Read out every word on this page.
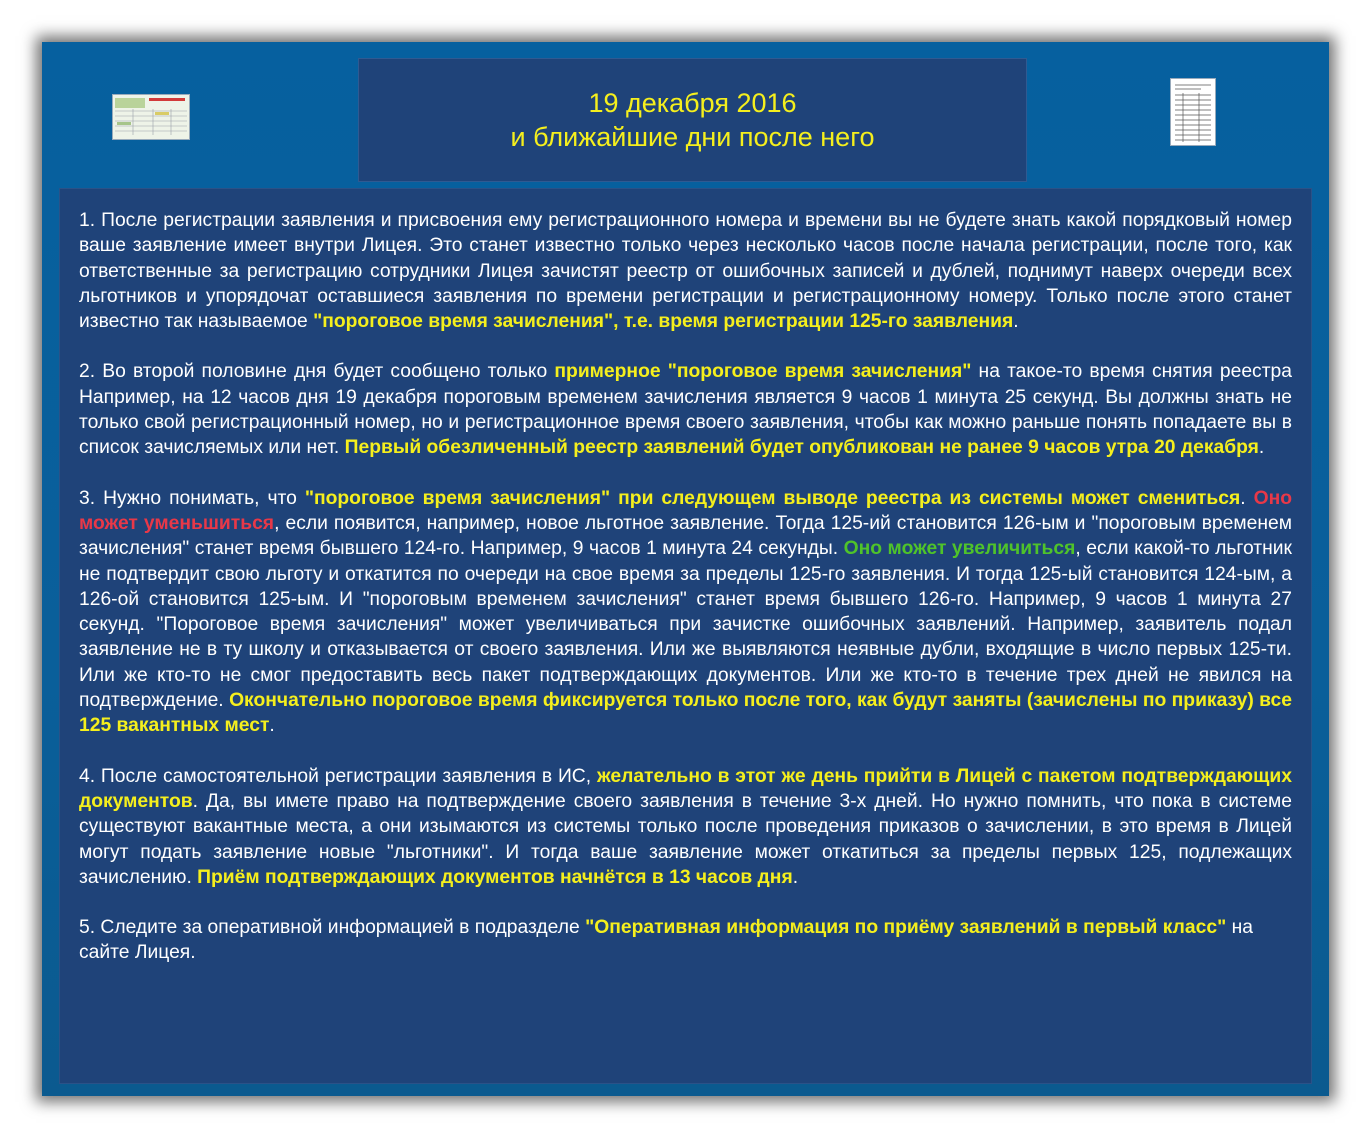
19 декабря 2016
и ближайшие дни после него

1. После регистрации заявления и присвоения ему регистрационного номера и времени вы не будете знать какой порядковый номер ваше заявление имеет внутри Лицея. Это станет известно только через несколько часов после начала регистрации, после того, как ответственные за регистрацию сотрудники Лицея зачистят реестр от ошибочных записей и дублей, поднимут наверх очереди всех льготников и упорядочат оставшиеся заявления по времени регистрации и регистрационному номеру. Только после этого станет известно так называемое "пороговое время зачисления", т.е. время регистрации 125-го заявления.

2. Во второй половине дня будет сообщено только примерное "пороговое время зачисления" на такое-то время снятия реестра Например, на 12 часов дня 19 декабря пороговым временем зачисления является 9 часов 1 минута 25 секунд. Вы должны знать не только свой регистрационный номер, но и регистрационное время своего заявления, чтобы как можно раньше понять попадаете вы в список зачисляемых или нет. Первый обезличенный реестр заявлений будет опубликован не ранее 9 часов утра 20 декабря.

3. Нужно понимать, что "пороговое время зачисления" при следующем выводе реестра из системы может смениться. Оно может уменьшиться, если появится, например, новое льготное заявление. Тогда 125-ий становится 126-ым и "пороговым временем зачисления" станет время бывшего 124-го. Например, 9 часов 1 минута 24 секунды. Оно может увеличиться, если какой-то льготник не подтвердит свою льготу и откатится по очереди на свое время за пределы 125-го заявления. И тогда 125-ый становится 124-ым, а 126-ой становится 125-ым. И "пороговым временем зачисления" станет время бывшего 126-го. Например, 9 часов 1 минута 27 секунд. "Пороговое время зачисления" может увеличиваться при зачистке ошибочных заявлений. Например, заявитель подал заявление не в ту школу и отказывается от своего заявления. Или же выявляются неявные дубли, входящие в число первых 125-ти. Или же кто-то не смог предоставить весь пакет подтверждающих документов. Или же кто-то в течение трех дней не явился на подтверждение. Окончательно пороговое время фиксируется только после того, как будут заняты (зачислены по приказу) все 125 вакантных мест.

4. После самостоятельной регистрации заявления в ИС, желательно в этот же день прийти в Лицей с пакетом подтверждающих документов. Да, вы имете право на подтверждение своего заявления в течение 3-х дней. Но нужно помнить, что пока в системе существуют вакантные места, а они изымаются из системы только после проведения приказов о зачислении, в это время в Лицей могут подать заявление новые "льготники". И тогда ваше заявление может откатиться за пределы первых 125, подлежащих зачислению. Приём подтверждающих документов начнётся в 13 часов дня.

5. Следите за оперативной информацией в подразделе "Оперативная информация по приёму заявлений в первый класс" на сайте Лицея.
